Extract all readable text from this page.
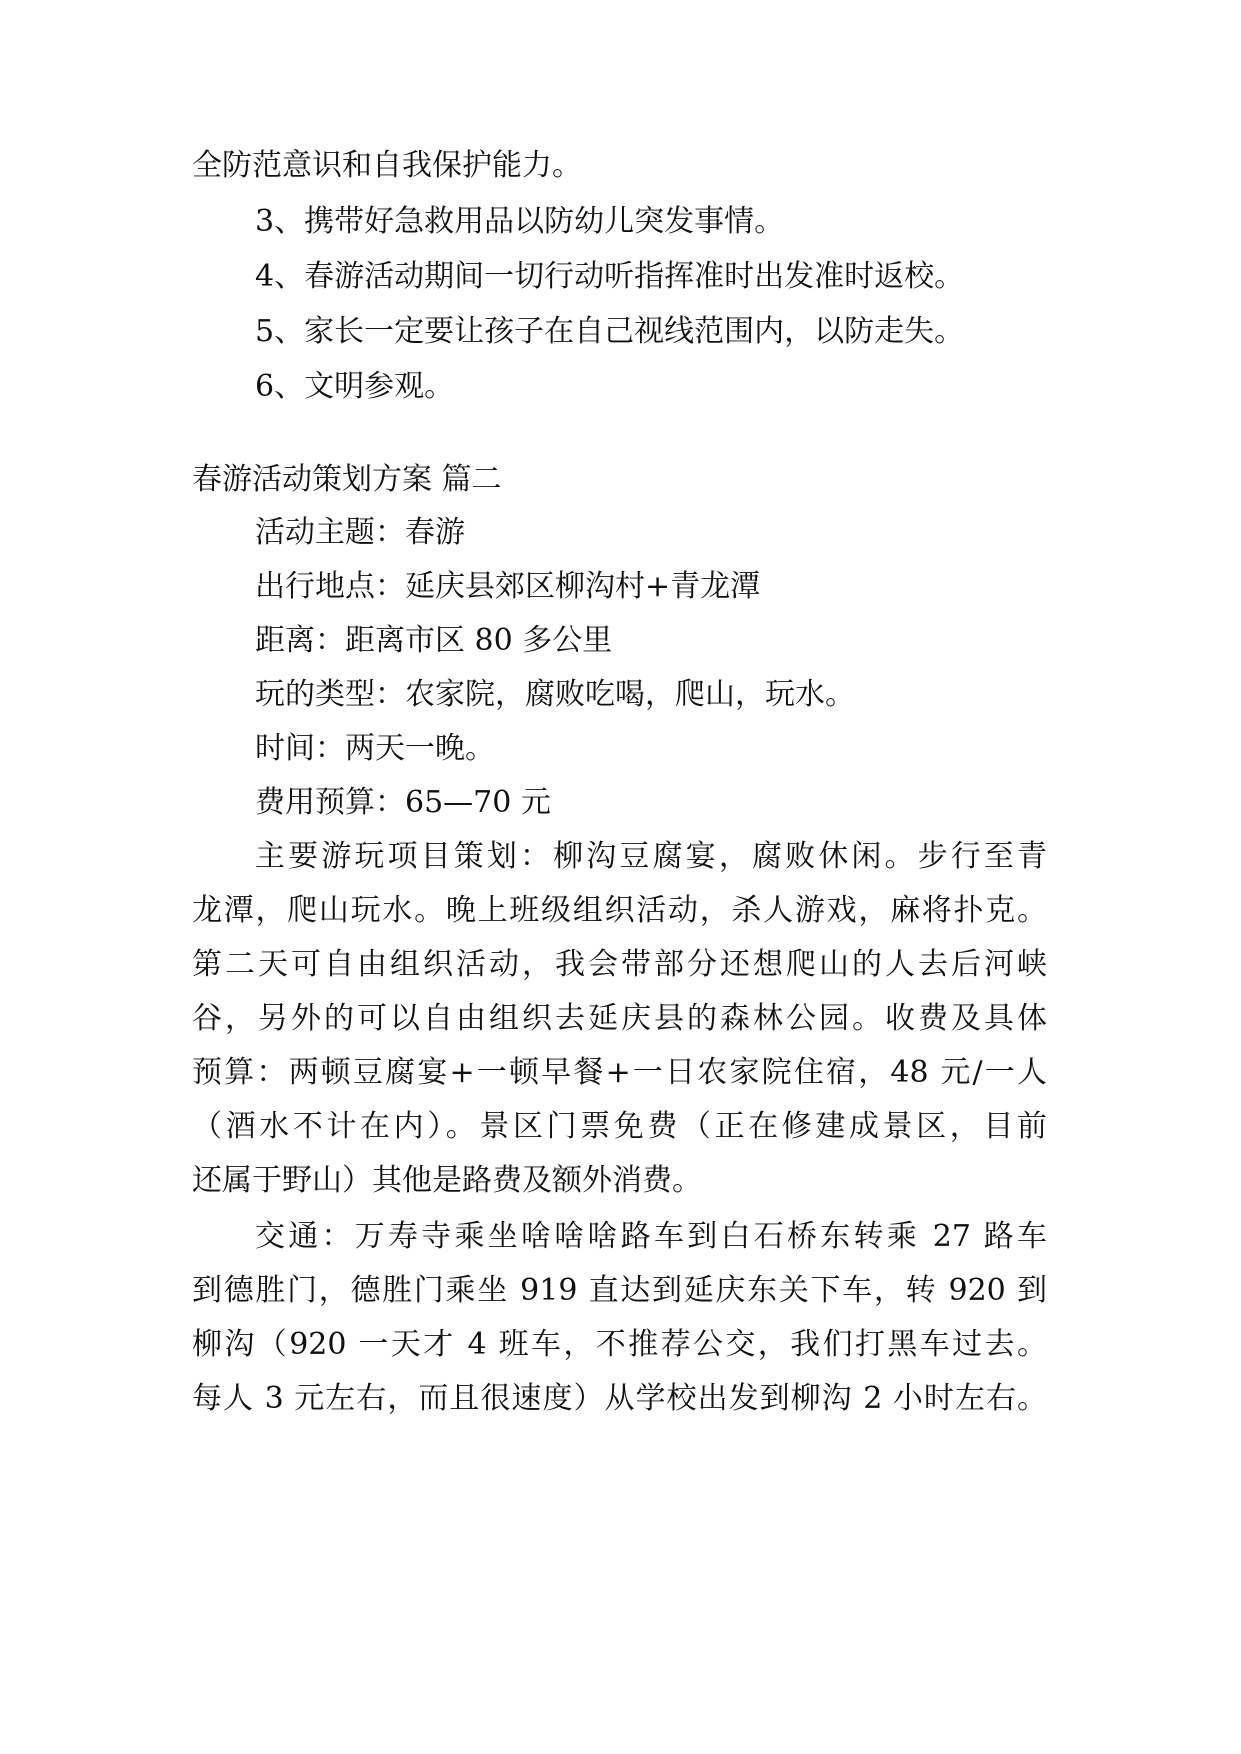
全防范意识和自我保护能力。
3、携带好急救用品以防幼儿突发事情。
4、春游活动期间一切行动听指挥准时出发准时返校。
5、家长一定要让孩子在自己视线范围内，以防走失。
6、文明参观。
春游活动策划方案 篇二
活动主题：春游
出行地点：延庆县郊区柳沟村+青龙潭
距离：距离市区 80 多公里
玩的类型：农家院，腐败吃喝，爬山，玩水。
时间：两天一晚。
费用预算：65—70 元
主要游玩项目策划：柳沟豆腐宴，腐败休闲。步行至青
龙潭，爬山玩水。晚上班级组织活动，杀人游戏，麻将扑克。
第二天可自由组织活动，我会带部分还想爬山的人去后河峡
谷，另外的可以自由组织去延庆县的森林公园。收费及具体
预算：两顿豆腐宴+一顿早餐+一日农家院住宿，48 元/一人
（酒水不计在内）。景区门票免费（正在修建成景区，目前
还属于野山）其他是路费及额外消费。
交通：万寿寺乘坐啥啥啥路车到白石桥东转乘 27 路车
到德胜门，德胜门乘坐 919 直达到延庆东关下车，转 920 到
柳沟（920 一天才 4 班车，不推荐公交，我们打黑车过去。
每人 3 元左右，而且很速度）从学校出发到柳沟 2 小时左右。
